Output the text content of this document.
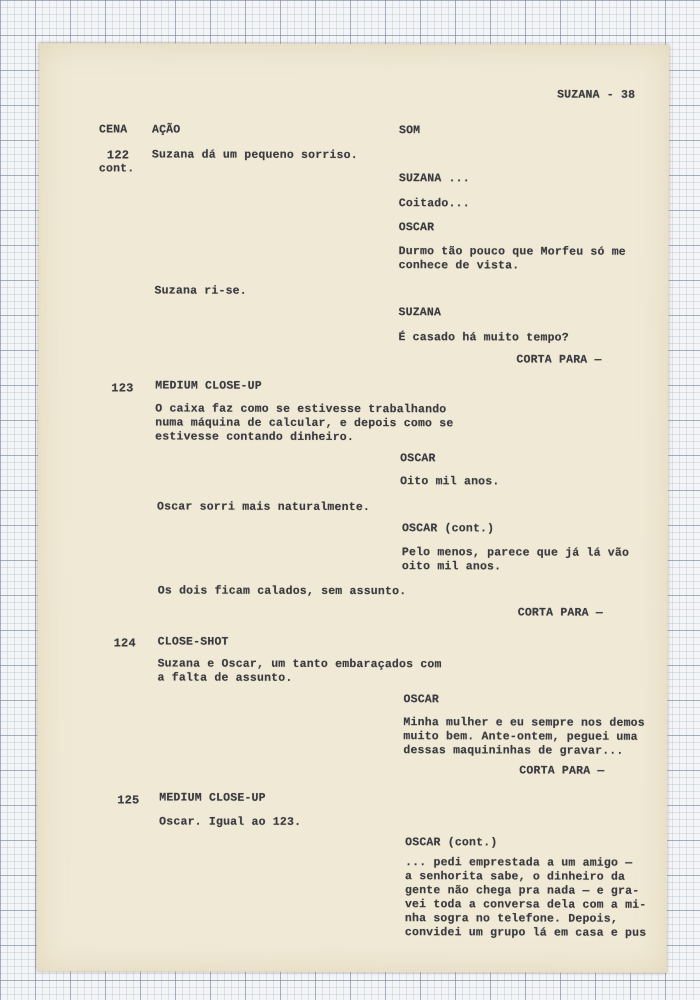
SUZANA - 38
CENA AÇÃO	SOM
122
cont.
Suzana dá um pequeno sorriso.
SUZANA ...
Coitado...
OSCAR
Durmo tão pouco que Morfeu só me
conhece de vista.
Suzana ri-se.
SUZANA
É casado há muito tempo?
CORTA PARA —
123 MEDIUM CLOSE-UP
O caixa faz como se estivesse trabalhando
numa máquina de calcular, e depois como se
estivesse contando dinheiro.
OSCAR
Oito mil anos.
Oscar sorri mais naturalmente.
OSCAR (cont.)
Pelo menos, parece que já lá vão
oito mil anos.
Os dois ficam calados, sem assunto.
CORTA PARA —
124 CLOSE-SHOT
Suzana e Oscar, um tanto embaraçados com
a falta de assunto.
OSCAR
Minha mulher e eu sempre nos demos
muito bem. Ante-ontem, peguei uma
dessas maquininhas de gravar...
CORTA PARA —
125 MEDIUM CLOSE-UP
Oscar. Igual ao 123.
OSCAR (cont.)
... pedi emprestada a um amigo —
a senhorita sabe, o dinheiro da
gente não chega pra nada — e gra-
vei toda a conversa dela com a mi-
nha sogra no telefone. Depois,
convidei um grupo lá em casa e pus
